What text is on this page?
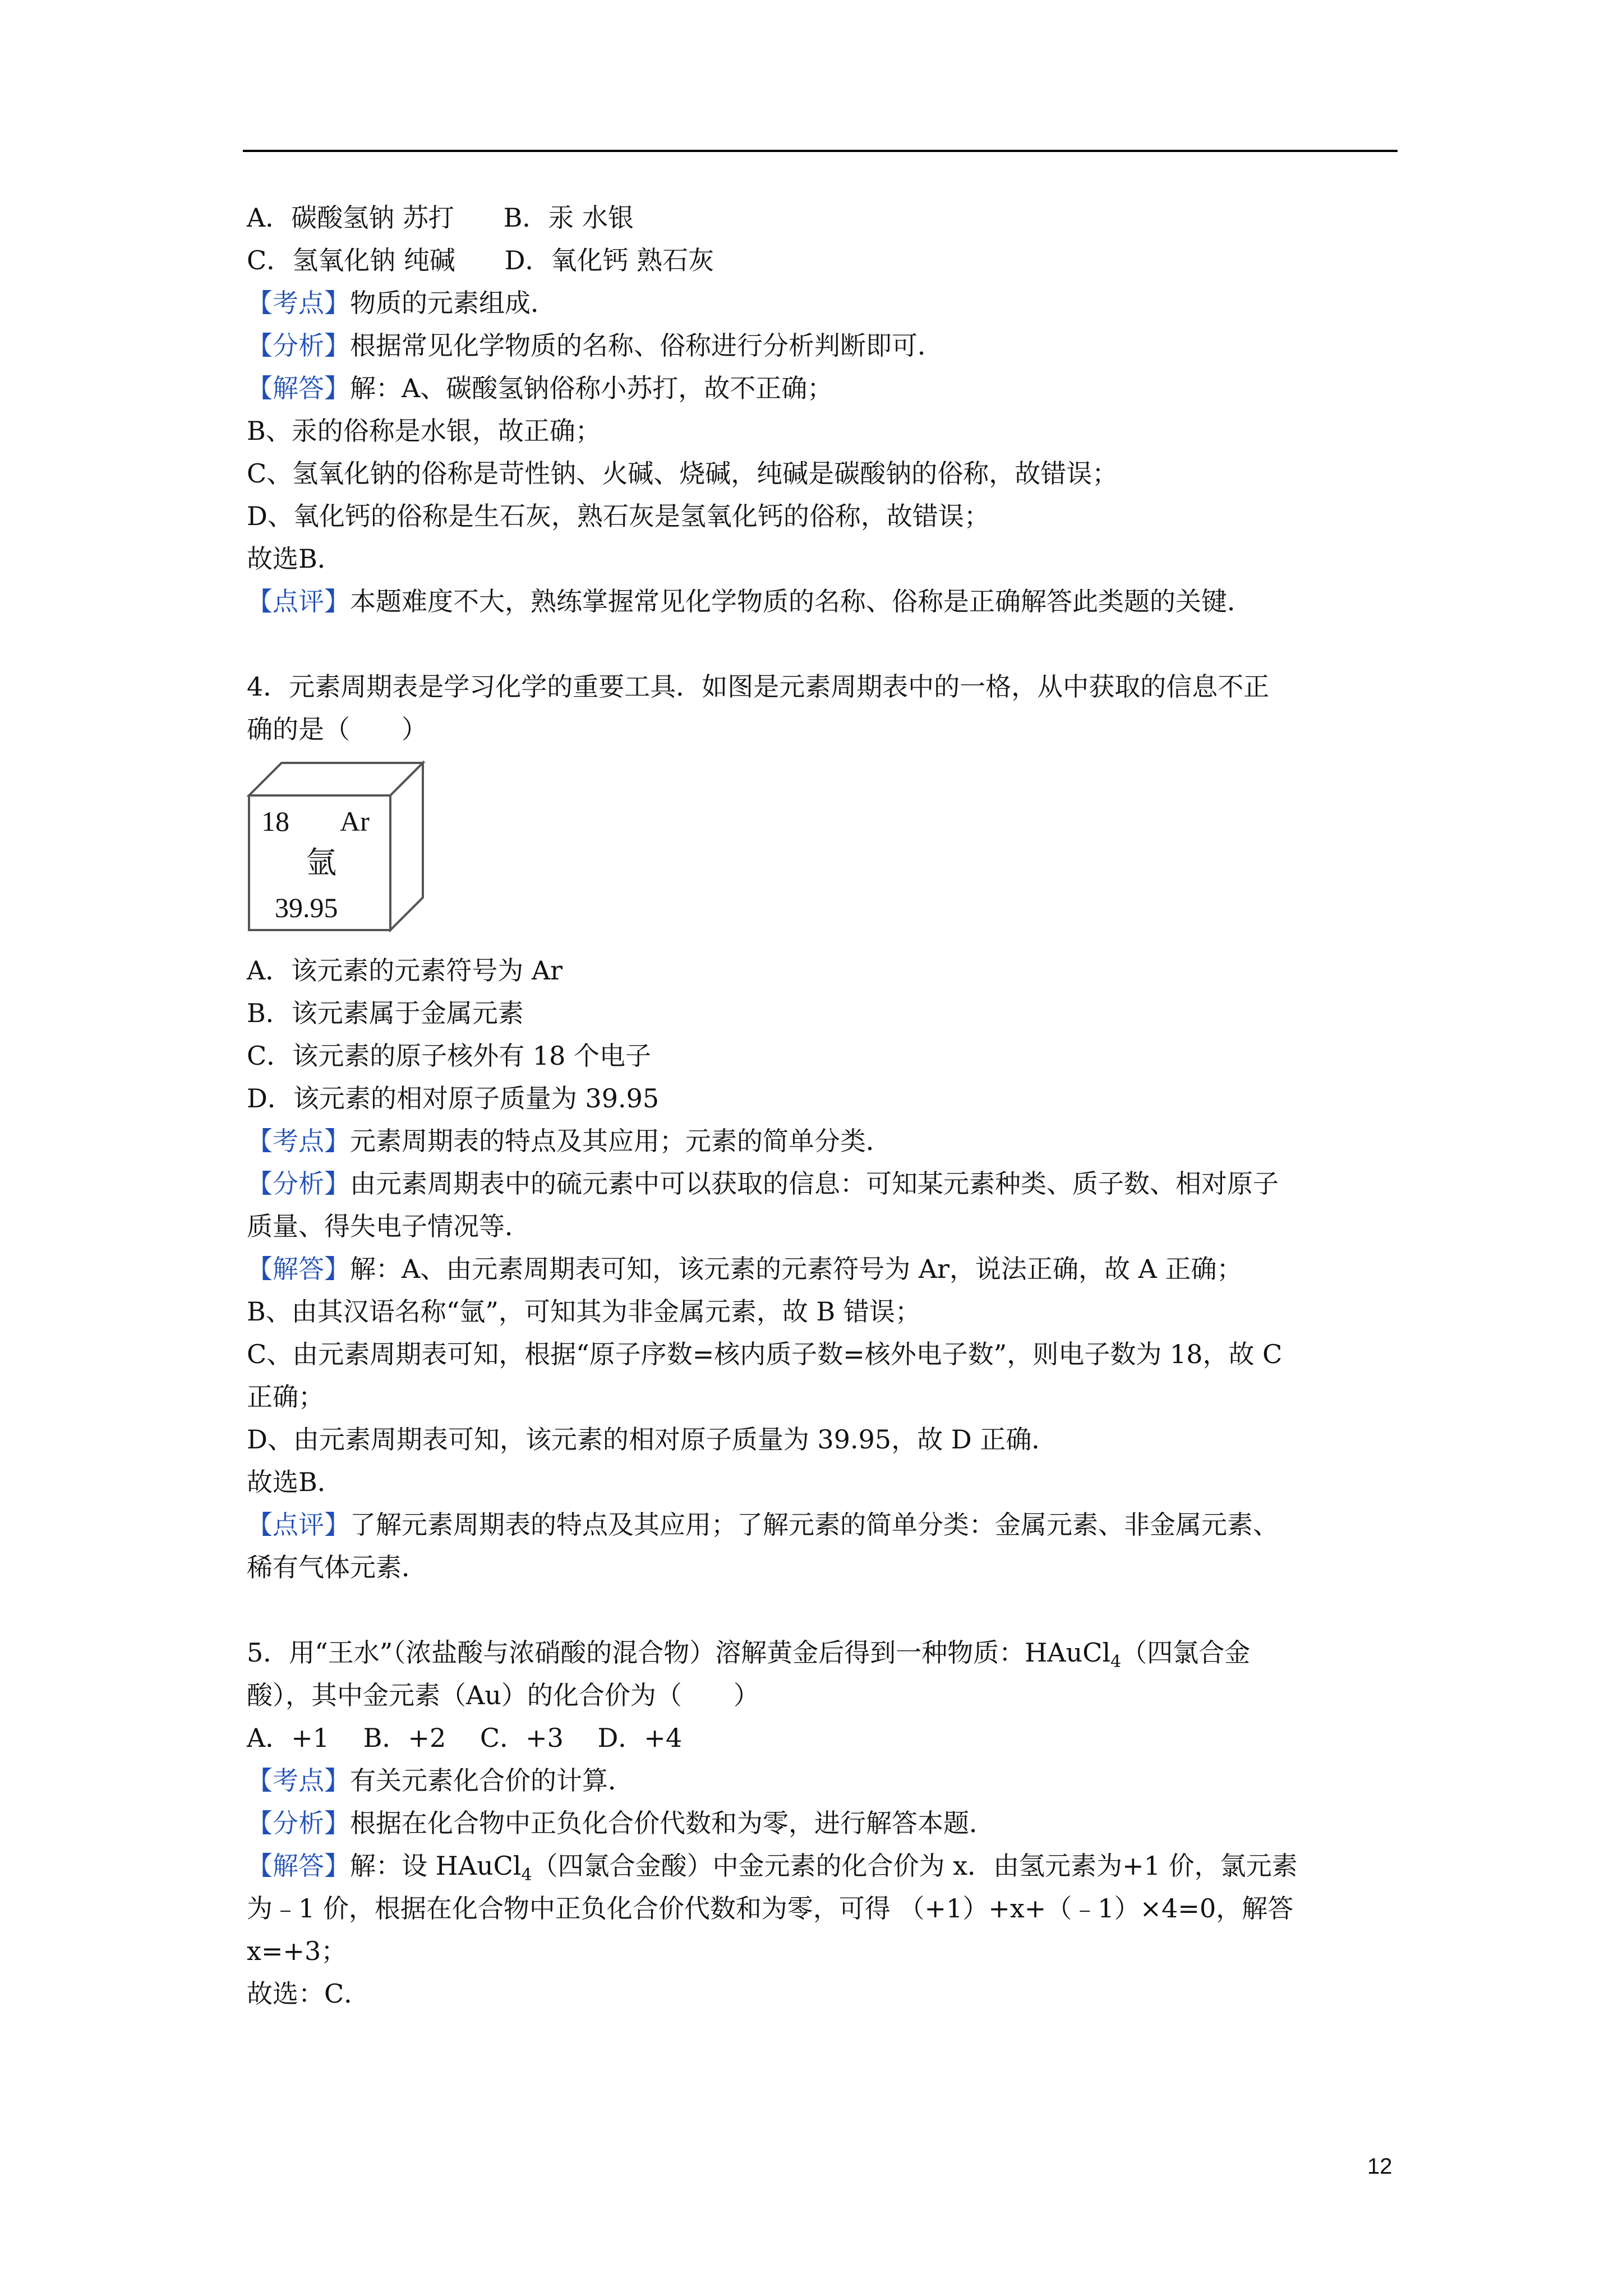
A．碳酸氢钠 苏打 B．汞 水银
C．氢氧化钠 纯碱 D．氧化钙 熟石灰
【考点】物质的元素组成．
【分析】根据常见化学物质的名称、俗称进行分析判断即可．
【解答】解：A、碳酸氢钠俗称小苏打，故不正确；
B、汞的俗称是水银，故正确；
C、氢氧化钠的俗称是苛性钠、火碱、烧碱，纯碱是碳酸钠的俗称，故错误；
D、氧化钙的俗称是生石灰，熟石灰是氢氧化钙的俗称，故错误；
故选B．
【点评】本题难度不大，熟练掌握常见化学物质的名称、俗称是正确解答此类题的关键．
4．元素周期表是学习化学的重要工具．如图是元素周期表中的一格，从中获取的信息不正
确的是（　　）
18 Ar
氩
39.95
A．该元素的元素符号为 Ar
B．该元素属于金属元素
C．该元素的原子核外有 18 个电子
D．该元素的相对原子质量为 39.95
【考点】元素周期表的特点及其应用；元素的简单分类．
【分析】由元素周期表中的硫元素中可以获取的信息：可知某元素种类、质子数、相对原子
质量、得失电子情况等．
【解答】解：A、由元素周期表可知，该元素的元素符号为 Ar，说法正确，故 A 正确；
B、由其汉语名称“氩”，可知其为非金属元素，故 B 错误；
C、由元素周期表可知，根据“原子序数=核内质子数=核外电子数”，则电子数为 18，故 C
正确；
D、由元素周期表可知，该元素的相对原子质量为 39.95，故 D 正确．
故选B．
【点评】了解元素周期表的特点及其应用；了解元素的简单分类：金属元素、非金属元素、
稀有气体元素．
5．用“王水”（浓盐酸与浓硝酸的混合物）溶解黄金后得到一种物质：HAuCl$_4$（四氯合金
酸），其中金元素（Au）的化合价为（　　）
A．+1　 B．+2　 C．+3　 D．+4
【考点】有关元素化合价的计算．
【分析】根据在化合物中正负化合价代数和为零，进行解答本题．
【解答】解：设 HAuCl$_4$（四氯合金酸）中金元素的化合价为 x．由氢元素为+1 价，氯元素
为﹣1 价，根据在化合物中正负化合价代数和为零，可得 （+1）+x+（﹣1）×4=0，解答
x=+3；
故选：C．
12
